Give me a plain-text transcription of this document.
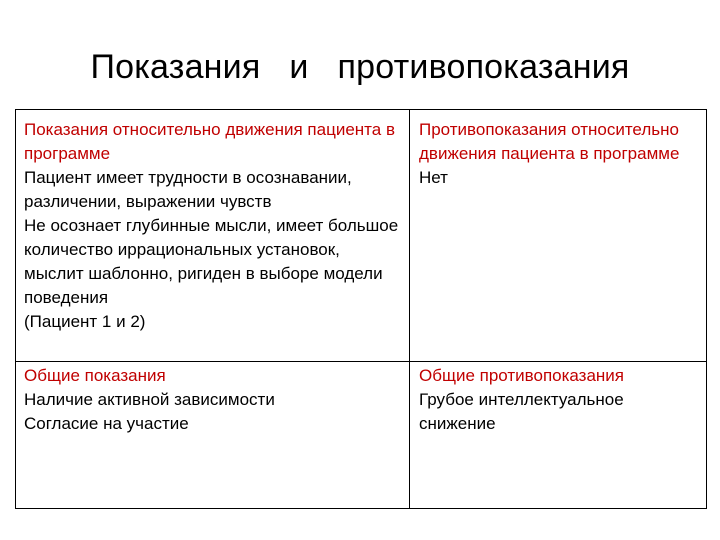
Показания   и   противопоказания
Показания относительно движения пациента в программе
Пациент имеет трудности в осознавании, различении, выражении чувств
Не осознает глубинные мысли, имеет большое количество иррациональных установок, мыслит шаблонно, ригиден в выборе модели поведения
(Пациент 1 и 2)
Противопоказания относительно движения пациента в программе
Нет
Общие показания
Наличие активной зависимости
Согласие на участие
Общие противопоказания
Грубое интеллектуальное снижение
